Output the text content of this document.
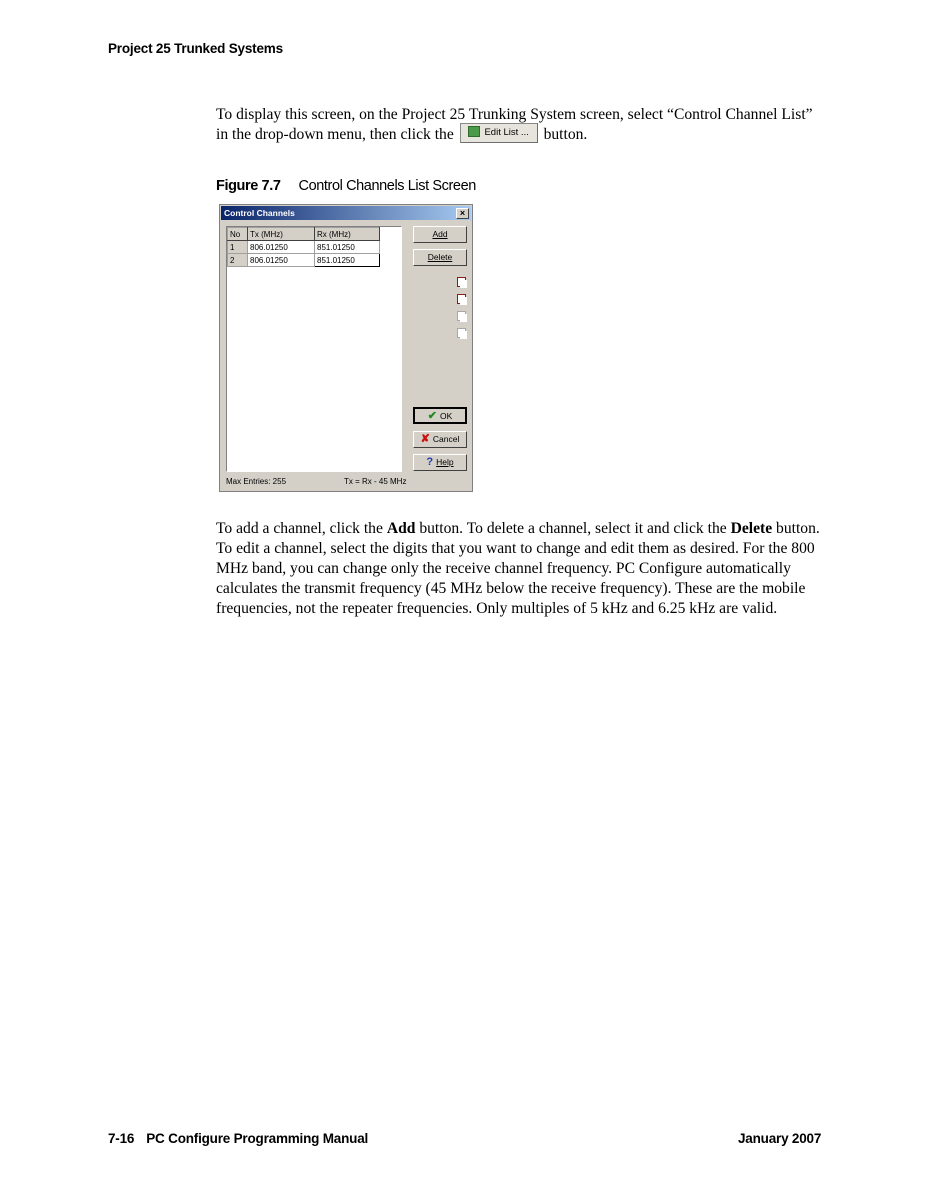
Project 25 Trunked Systems
To display this screen, on the Project 25 Trunking System screen, select “Control Channel List” in the drop-down menu, then click the	Edit List ... button.
Figure 7.7 Control Channels List Screen
Control Channels	×
No	Tx (MHz)	Rx (MHz)
1	806.01250	851.01250
2	806.01250	851.01250
Add
Delete
✔ OK
✘ Cancel
? Help
Max Entries: 255	Tx = Rx - 45 MHz
To add a channel, click the Add button. To delete a channel, select it and click the Delete button. To edit a channel, select the digits that you want to change and edit them as desired. For the 800 MHz band, you can change only the receive channel frequency. PC Configure automatically calculates the transmit frequency (45 MHz below the receive frequency). These are the mobile frequencies, not the repeater frequencies. Only multiples of 5 kHz and 6.25 kHz are valid.
7-16 PC Configure Programming Manual	January 2007
